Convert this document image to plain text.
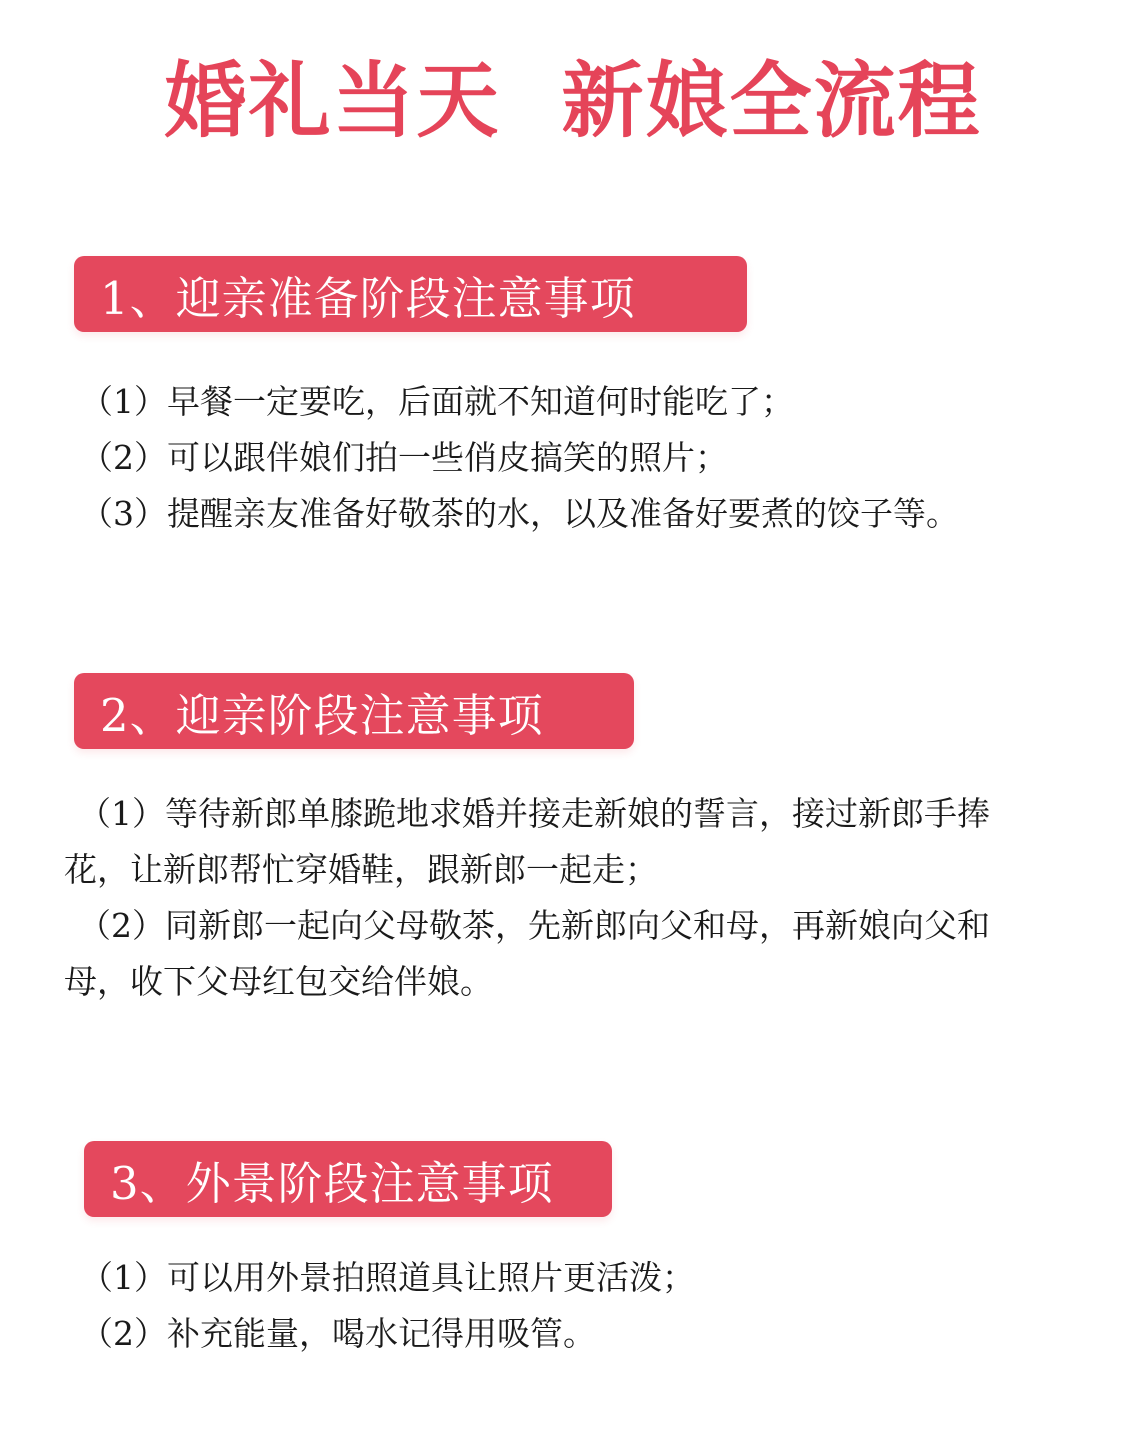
婚礼当天  新娘全流程
1、迎亲准备阶段注意事项
（1）早餐一定要吃，后面就不知道何时能吃了；
（2）可以跟伴娘们拍一些俏皮搞笑的照片；
（3）提醒亲友准备好敬茶的水，以及准备好要煮的饺子等。
2、迎亲阶段注意事项
（1）等待新郎单膝跪地求婚并接走新娘的誓言，接过新郎手捧花，让新郎帮忙穿婚鞋，跟新郎一起走；
（2）同新郎一起向父母敬茶，先新郎向父和母，再新娘向父和母，收下父母红包交给伴娘。
3、外景阶段注意事项
（1）可以用外景拍照道具让照片更活泼；
（2）补充能量，喝水记得用吸管。
